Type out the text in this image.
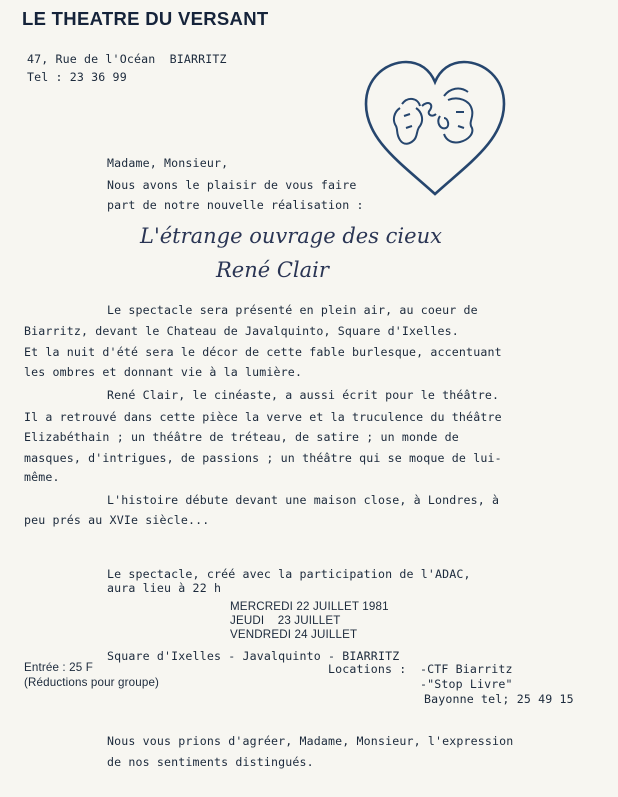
LE THEATRE DU VERSANT
47, Rue de l'Océan  BIARRITZ
Tel : 23 36 99
Madame, Monsieur,
Nous avons le plaisir de vous faire
part de notre nouvelle réalisation :
L'étrange ouvrage des cieux
René Clair
Le spectacle sera présenté en plein air, au coeur de
Biarritz, devant le Chateau de Javalquinto, Square d'Ixelles.
Et la nuit d'été sera le décor de cette fable burlesque, accentuant
les ombres et donnant vie à la lumière.
René Clair, le cinéaste, a aussi écrit pour le théâtre.
Il a retrouvé dans cette pièce la verve et la truculence du théâtre
Elizabéthain ; un théâtre de tréteau, de satire ; un monde de
masques, d'intrigues, de passions ; un théâtre qui se moque de lui-
même.
L'histoire débute devant une maison close, à Londres, à
peu prés au XVIe siècle...
Le spectacle, créé avec la participation de l'ADAC,
aura lieu à 22 h
MERCREDI 22 JUILLET 1981
JEUDI    23 JUILLET
VENDREDI 24 JUILLET
Square d'Ixelles - Javalquinto - BIARRITZ
Entrée : 25 F
(Réductions pour groupe)
Locations : -CTF Biarritz
-"Stop Livre"
Bayonne tel; 25 49 15
Nous vous prions d'agréer, Madame, Monsieur, l'expression
de nos sentiments distingués.
